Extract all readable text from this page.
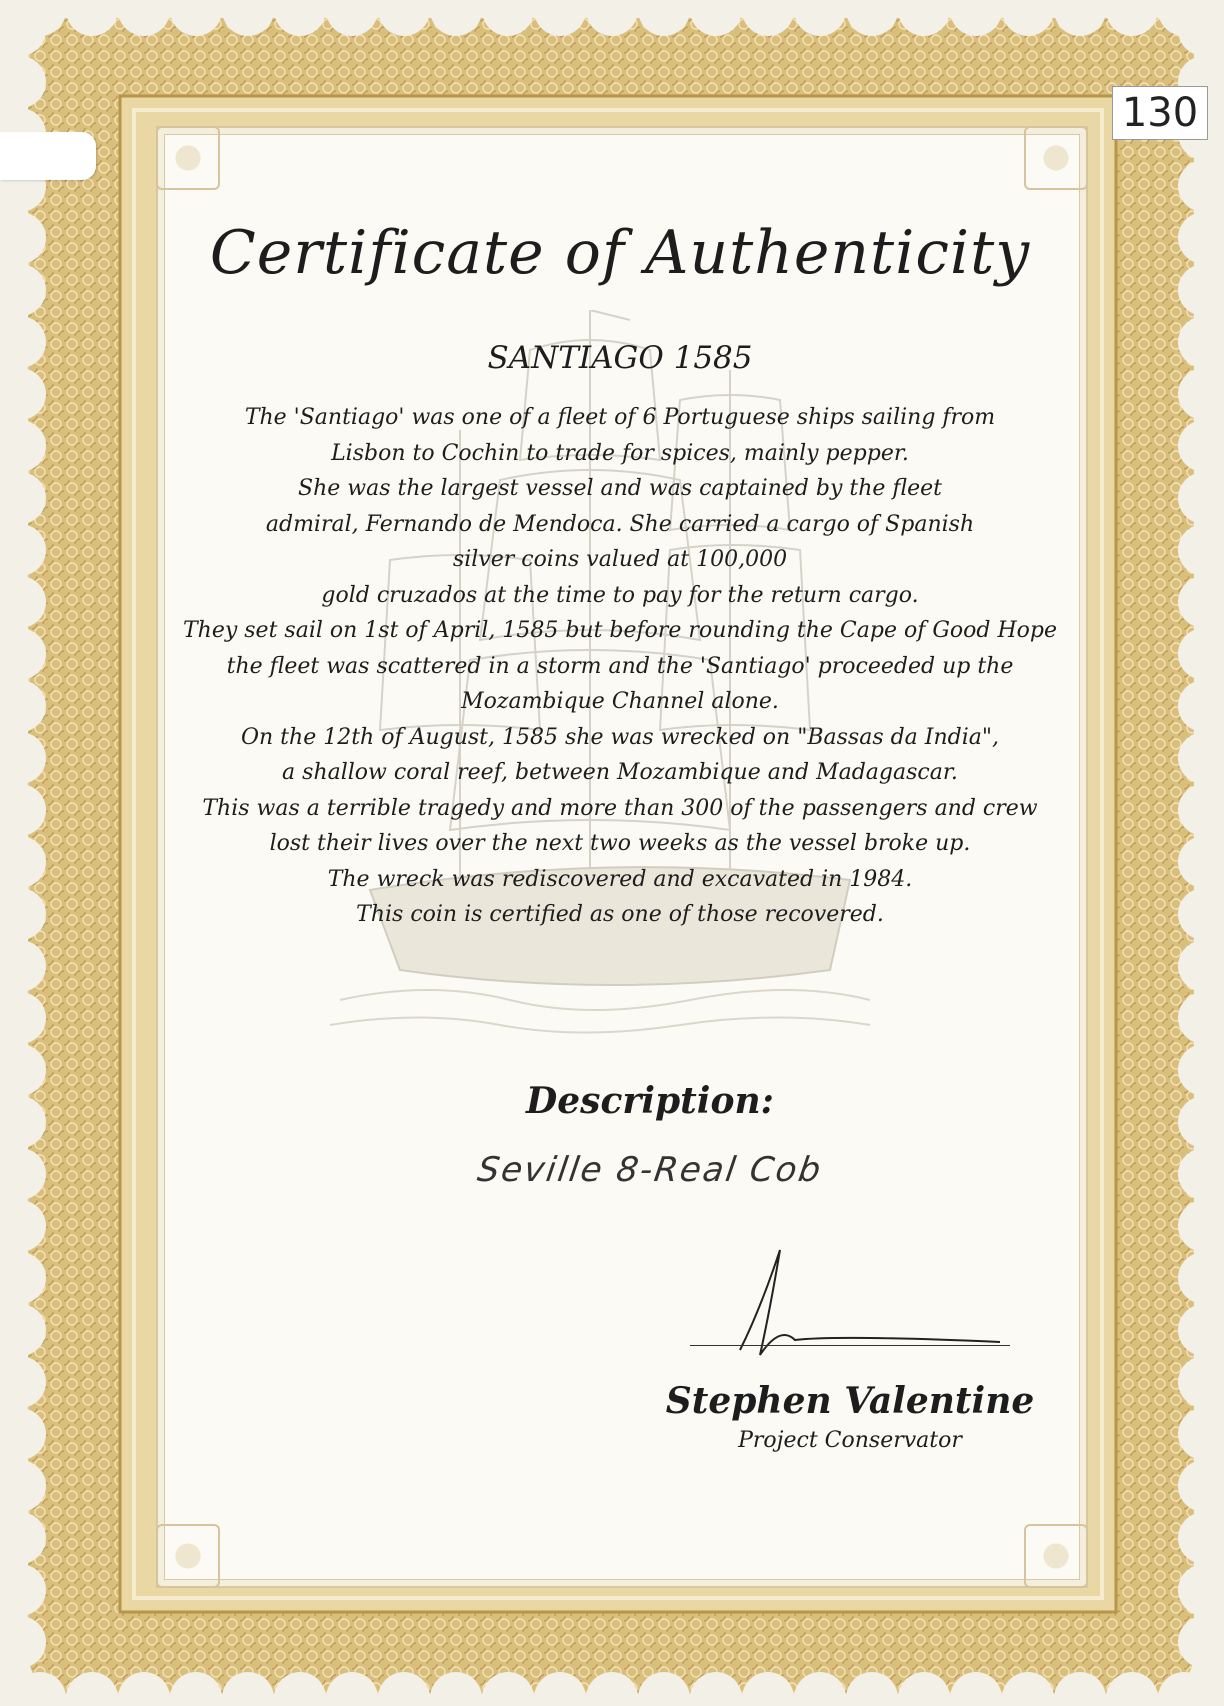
130
Certificate of Authenticity
SANTIAGO 1585
The 'Santiago' was one of a fleet of 6 Portuguese ships sailing from
Lisbon to Cochin to trade for spices, mainly pepper.
She was the largest vessel and was captained by the fleet
admiral, Fernando de Mendoca. She carried a cargo of Spanish
silver coins valued at 100,000
gold cruzados at the time to pay for the return cargo.
They set sail on 1st of April, 1585 but before rounding the Cape of Good Hope
the fleet was scattered in a storm and the 'Santiago' proceeded up the
Mozambique Channel alone.
On the 12th of August, 1585 she was wrecked on "Bassas da India",
a shallow coral reef, between Mozambique and Madagascar.
This was a terrible tragedy and more than 300 of the passengers and crew
lost their lives over the next two weeks as the vessel broke up.
The wreck was rediscovered and excavated in 1984.
This coin is certified as one of those recovered.
Description:
Seville 8-Real Cob
Stephen Valentine
Project Conservator
